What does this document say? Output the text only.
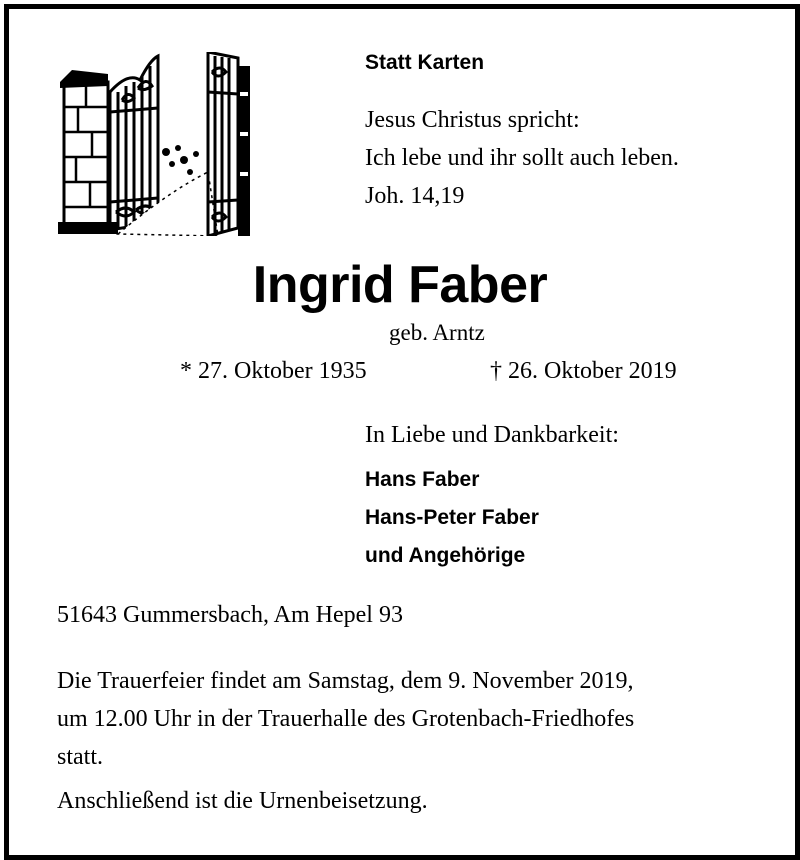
Statt Karten
Jesus Christus spricht:
Ich lebe und ihr sollt auch leben.
Joh. 14,19
Ingrid Faber
geb. Arntz
* 27. Oktober 1935	† 26. Oktober 2019
In Liebe und Dankbarkeit:
Hans Faber
Hans-Peter Faber
und Angehörige
51643 Gummersbach, Am Hepel 93
Die Trauerfeier findet am Samstag, dem 9. November 2019,
um 12.00 Uhr in der Trauerhalle des Grotenbach-Friedhofes
statt.
Anschließend ist die Urnenbeisetzung.
